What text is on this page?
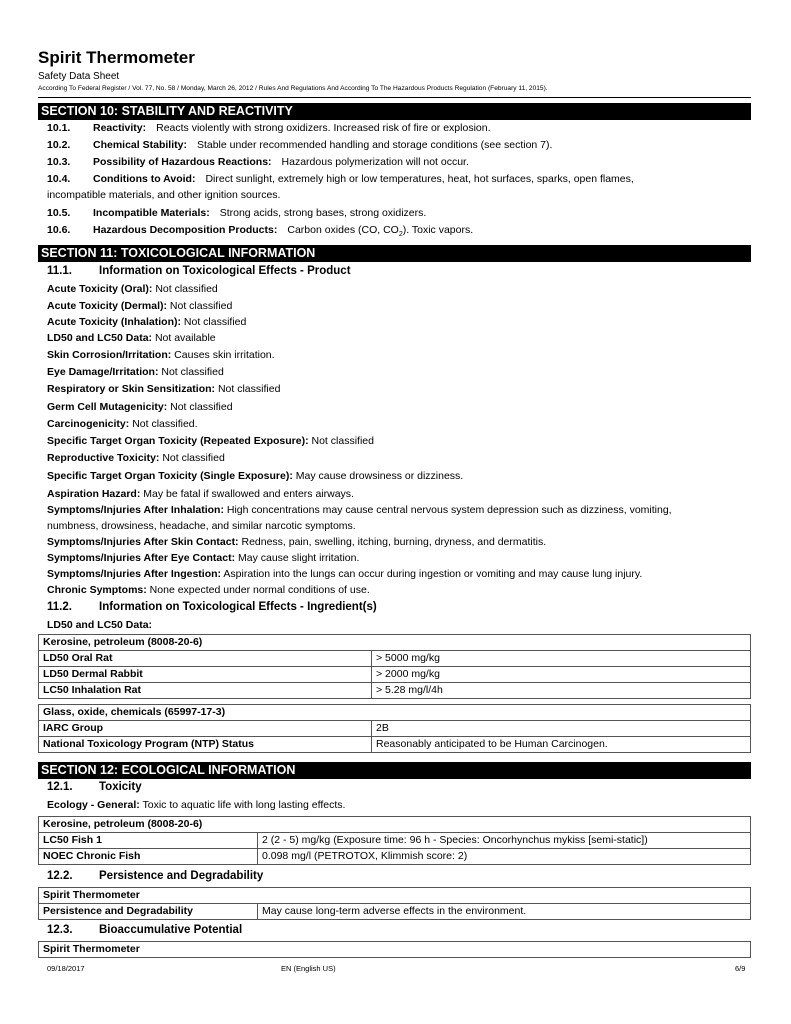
Spirit Thermometer
Safety Data Sheet
According To Federal Register / Vol. 77, No. 58 / Monday, March 26, 2012 / Rules And Regulations And According To The Hazardous Products Regulation (February 11, 2015).
SECTION 10: STABILITY AND REACTIVITY
10.1. Reactivity: Reacts violently with strong oxidizers. Increased risk of fire or explosion.
10.2. Chemical Stability: Stable under recommended handling and storage conditions (see section 7).
10.3. Possibility of Hazardous Reactions: Hazardous polymerization will not occur.
10.4. Conditions to Avoid: Direct sunlight, extremely high or low temperatures, heat, hot surfaces, sparks, open flames,
incompatible materials, and other ignition sources.
10.5. Incompatible Materials: Strong acids, strong bases, strong oxidizers.
10.6. Hazardous Decomposition Products: Carbon oxides (CO, $CO_2$). Toxic vapors.
SECTION 11: TOXICOLOGICAL INFORMATION
11.1. Information on Toxicological Effects - Product
Acute Toxicity (Oral): Not classified
Acute Toxicity (Dermal): Not classified
Acute Toxicity (Inhalation): Not classified
LD50 and LC50 Data: Not available
Skin Corrosion/Irritation: Causes skin irritation.
Eye Damage/Irritation: Not classified
Respiratory or Skin Sensitization: Not classified
Germ Cell Mutagenicity: Not classified
Carcinogenicity: Not classified.
Specific Target Organ Toxicity (Repeated Exposure): Not classified
Reproductive Toxicity: Not classified
Specific Target Organ Toxicity (Single Exposure): May cause drowsiness or dizziness.
Aspiration Hazard: May be fatal if swallowed and enters airways.
Symptoms/Injuries After Inhalation: High concentrations may cause central nervous system depression such as dizziness, vomiting,
numbness, drowsiness, headache, and similar narcotic symptoms.
Symptoms/Injuries After Skin Contact: Redness, pain, swelling, itching, burning, dryness, and dermatitis.
Symptoms/Injuries After Eye Contact: May cause slight irritation.
Symptoms/Injuries After Ingestion: Aspiration into the lungs can occur during ingestion or vomiting and may cause lung injury.
Chronic Symptoms: None expected under normal conditions of use.
11.2. Information on Toxicological Effects - Ingredient(s)
LD50 and LC50 Data:
Kerosine, petroleum (8008-20-6)	
LD50 Oral Rat	> 5000 mg/kg
LD50 Dermal Rabbit	> 2000 mg/kg
LC50 Inhalation Rat	> 5.28 mg/l/4h
Glass, oxide, chemicals (65997-17-3)	
IARC Group	2B
National Toxicology Program (NTP) Status	Reasonably anticipated to be Human Carcinogen.
SECTION 12: ECOLOGICAL INFORMATION
12.1. Toxicity
Ecology - General: Toxic to aquatic life with long lasting effects.
Kerosine, petroleum (8008-20-6)	
LC50 Fish 1	2 (2 - 5) mg/kg (Exposure time: 96 h - Species: Oncorhynchus mykiss [semi-static])
NOEC Chronic Fish	0.098 mg/l (PETROTOX, Klimmish score: 2)
12.2. Persistence and Degradability
Spirit Thermometer
Persistence and Degradability	May cause long-term adverse effects in the environment.
12.3. Bioaccumulative Potential
Spirit Thermometer
09/18/2017	EN (English US)	6/9
